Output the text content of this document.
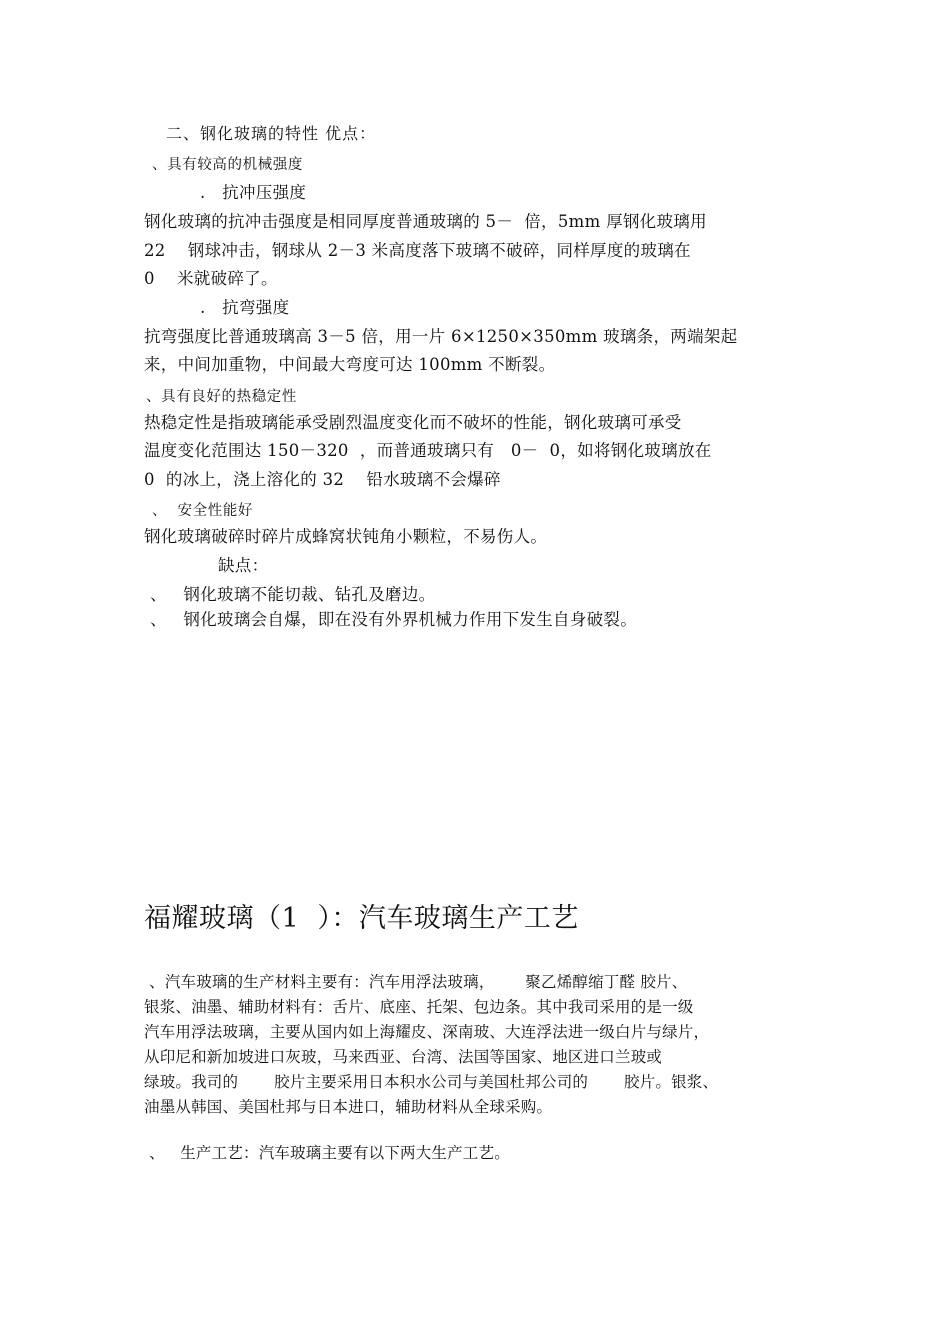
二、钢化玻璃的特性 优点：
、具有较高的机械强度
.   抗冲压强度
钢化玻璃的抗冲击强度是相同厚度普通玻璃的 5－  倍，5mm 厚钢化玻璃用
22    钢球冲击，钢球从 2－3 米高度落下玻璃不破碎，同样厚度的玻璃在
0    米就破碎了。
.   抗弯强度
抗弯强度比普通玻璃高 3－5 倍，用一片 6×1250×350mm 玻璃条，两端架起
来，中间加重物，中间最大弯度可达 100mm 不断裂。
、具有良好的热稳定性
热稳定性是指玻璃能承受剧烈温度变化而不破坏的性能，钢化玻璃可承受
温度变化范围达 150－320  ，而普通玻璃只有   0－  0，如将钢化玻璃放在
0  的冰上，浇上溶化的 32    铅水玻璃不会爆碎
、  安全性能好
钢化玻璃破碎时碎片成蜂窝状钝角小颗粒，不易伤人。
缺点：
、   钢化玻璃不能切裁、钻孔及磨边。
、   钢化玻璃会自爆，即在没有外界机械力作用下发生自身破裂。
福耀玻璃（1  ）：汽车玻璃生产工艺
、汽车玻璃的生产材料主要有：汽车用浮法玻璃，      聚乙烯醇缩丁醛 胶片、
银浆、油墨、辅助材料有：舌片、底座、托架、包边条。其中我司采用的是一级
汽车用浮法玻璃，主要从国内如上海耀皮、深南玻、大连浮法进一级白片与绿片，
从印尼和新加坡进口灰玻，马来西亚、台湾、法国等国家、地区进口兰玻或
绿玻。我司的       胶片主要采用日本积水公司与美国杜邦公司的       胶片。银浆、
油墨从韩国、美国杜邦与日本进口，辅助材料从全球采购。
、   生产工艺：汽车玻璃主要有以下两大生产工艺。
